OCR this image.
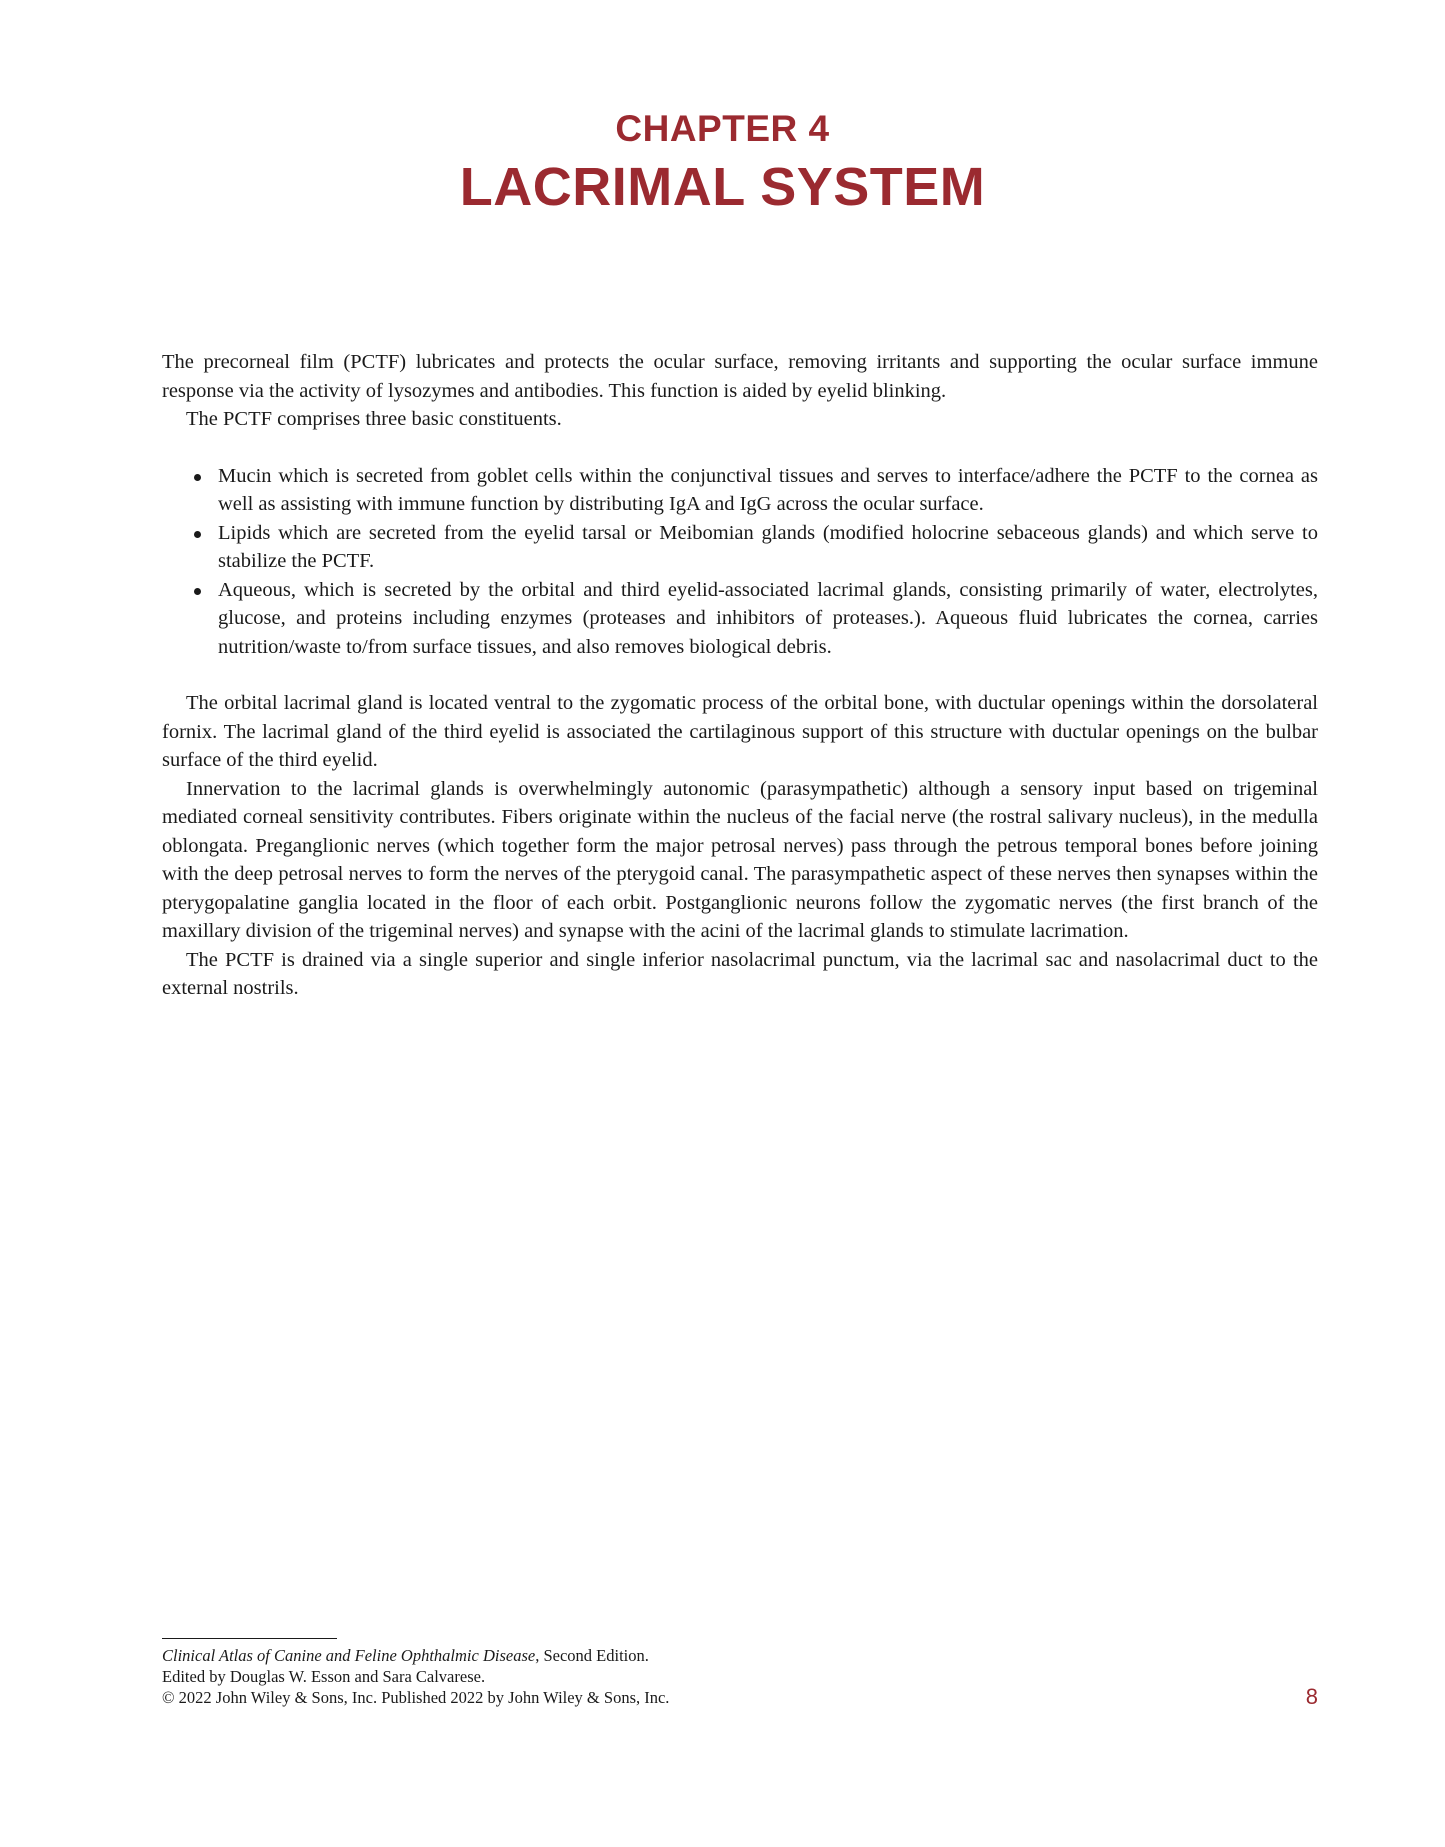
CHAPTER 4
LACRIMAL SYSTEM

The precorneal film (PCTF) lubricates and protects the ocular surface, removing irritants and supporting the ocular surface immune response via the activity of lysozymes and antibodies. This function is aided by eyelid blinking.

The PCTF comprises three basic constituents.

Mucin which is secreted from goblet cells within the conjunctival tissues and serves to interface/adhere the PCTF to the cornea as well as assisting with immune function by distributing IgA and IgG across the ocular surface.
Lipids which are secreted from the eyelid tarsal or Meibomian glands (modified holocrine sebaceous glands) and which serve to stabilize the PCTF.
Aqueous, which is secreted by the orbital and third eyelid-associated lacrimal glands, consisting primarily of water, electrolytes, glucose, and proteins including enzymes (proteases and inhibitors of proteases.). Aqueous fluid lubricates the cornea, carries nutrition/waste to/from surface tissues, and also removes biological debris.

The orbital lacrimal gland is located ventral to the zygomatic process of the orbital bone, with ductular openings within the dorsolateral fornix. The lacrimal gland of the third eyelid is associated the cartilaginous support of this structure with ductular openings on the bulbar surface of the third eyelid.

Innervation to the lacrimal glands is overwhelmingly autonomic (parasympathetic) although a sensory input based on trigeminal mediated corneal sensitivity contributes. Fibers originate within the nucleus of the facial nerve (the rostral salivary nucleus), in the medulla oblongata. Preganglionic nerves (which together form the major petrosal nerves) pass through the petrous temporal bones before joining with the deep petrosal nerves to form the nerves of the pterygoid canal. The parasympathetic aspect of these nerves then synapses within the pterygopalatine ganglia located in the floor of each orbit. Postganglionic neurons follow the zygomatic nerves (the first branch of the maxillary division of the trigeminal nerves) and synapse with the acini of the lacrimal glands to stimulate lacrimation.

The PCTF is drained via a single superior and single inferior nasolacrimal punctum, via the lacrimal sac and nasolacrimal duct to the external nostrils.

Clinical Atlas of Canine and Feline Ophthalmic Disease, Second Edition.
Edited by Douglas W. Esson and Sara Calvarese.
© 2022 John Wiley & Sons, Inc. Published 2022 by John Wiley & Sons, Inc.	8
